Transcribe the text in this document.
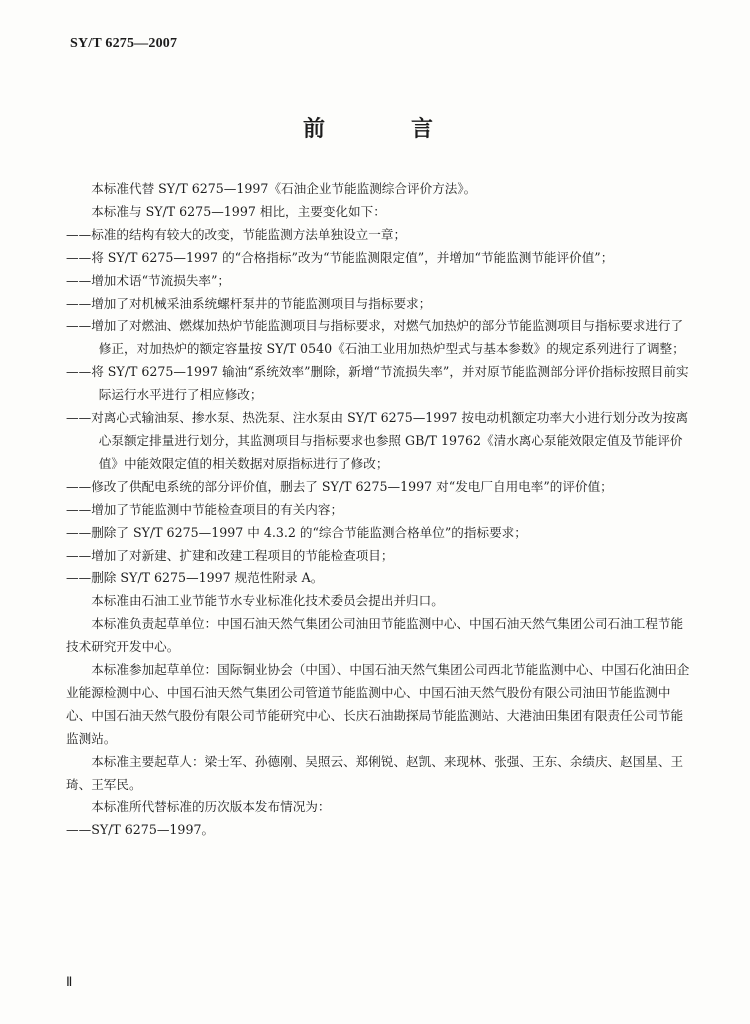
SY/T 6275—2007
前　　言

本标准代替 SY/T 6275—1997《石油企业节能监测综合评价方法》。

本标准与 SY/T 6275—1997 相比，主要变化如下：

——标准的结构有较大的改变，节能监测方法单独设立一章；

——将 SY/T 6275—1997 的“合格指标”改为“节能监测限定值”，并增加“节能监测节能评价值”；

——增加术语“节流损失率”；

——增加了对机械采油系统螺杆泵井的节能监测项目与指标要求；

——增加了对燃油、燃煤加热炉节能监测项目与指标要求，对燃气加热炉的部分节能监测项目与指标要求进行了修正，对加热炉的额定容量按 SY/T 0540《石油工业用加热炉型式与基本参数》的规定系列进行了调整；

——将 SY/T 6275—1997 输油“系统效率”删除，新增“节流损失率”，并对原节能监测部分评价指标按照目前实际运行水平进行了相应修改；

——对离心式输油泵、掺水泵、热洗泵、注水泵由 SY/T 6275—1997 按电动机额定功率大小进行划分改为按离心泵额定排量进行划分，其监测项目与指标要求也参照 GB/T 19762《清水离心泵能效限定值及节能评价值》中能效限定值的相关数据对原指标进行了修改；

——修改了供配电系统的部分评价值，删去了 SY/T 6275—1997 对“发电厂自用电率”的评价值；

——增加了节能监测中节能检查项目的有关内容；

——删除了 SY/T 6275—1997 中 4.3.2 的“综合节能监测合格单位”的指标要求；

——增加了对新建、扩建和改建工程项目的节能检查项目；

——删除 SY/T 6275—1997 规范性附录 A。

本标准由石油工业节能节水专业标准化技术委员会提出并归口。

本标准负责起草单位：中国石油天然气集团公司油田节能监测中心、中国石油天然气集团公司石油工程节能技术研究开发中心。

本标准参加起草单位：国际铜业协会（中国）、中国石油天然气集团公司西北节能监测中心、中国石化油田企业能源检测中心、中国石油天然气集团公司管道节能监测中心、中国石油天然气股份有限公司油田节能监测中心、中国石油天然气股份有限公司节能研究中心、长庆石油勘探局节能监测站、大港油田集团有限责任公司节能监测站。

本标准主要起草人：梁士军、孙德刚、吴照云、郑俐锐、赵凯、来现林、张强、王东、余绩庆、赵国星、王琦、王军民。

本标准所代替标准的历次版本发布情况为：

——SY/T 6275—1997。

Ⅱ
